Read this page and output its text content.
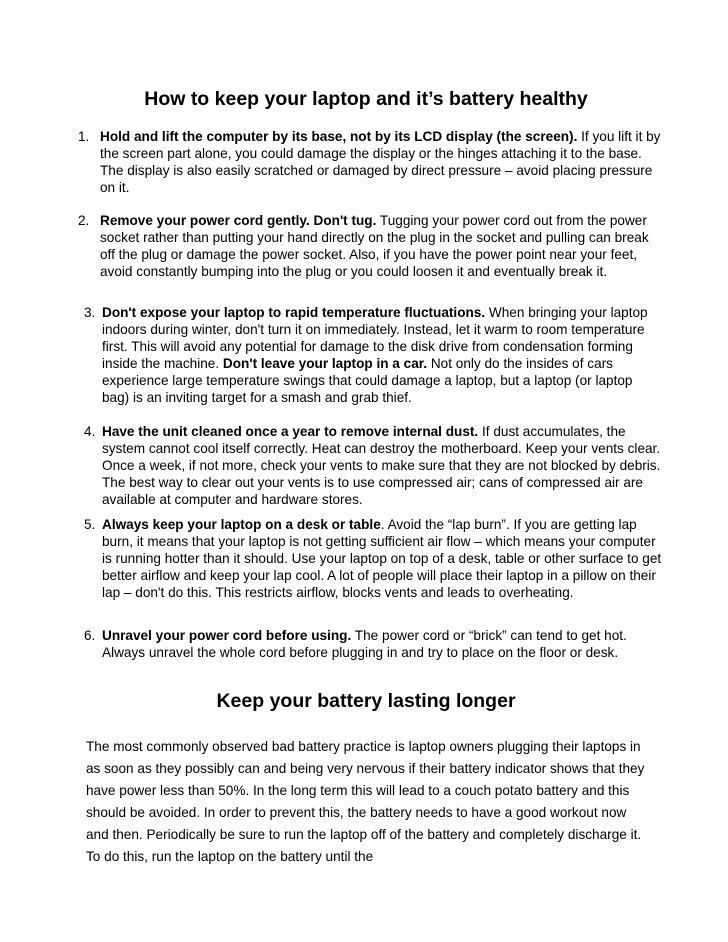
How to keep your laptop and it’s battery healthy
1. Hold and lift the computer by its base, not by its LCD display (the screen). If you lift it by the screen part alone, you could damage the display or the hinges attaching it to the base. The display is also easily scratched or damaged by direct pressure – avoid placing pressure on it.
2. Remove your power cord gently. Don't tug. Tugging your power cord out from the power socket rather than putting your hand directly on the plug in the socket and pulling can break off the plug or damage the power socket. Also, if you have the power point near your feet, avoid constantly bumping into the plug or you could loosen it and eventually break it.
3. Don't expose your laptop to rapid temperature fluctuations. When bringing your laptop indoors during winter, don't turn it on immediately. Instead, let it warm to room temperature first. This will avoid any potential for damage to the disk drive from condensation forming inside the machine. Don't leave your laptop in a car. Not only do the insides of cars experience large temperature swings that could damage a laptop, but a laptop (or laptop bag) is an inviting target for a smash and grab thief.
4. Have the unit cleaned once a year to remove internal dust. If dust accumulates, the system cannot cool itself correctly. Heat can destroy the motherboard. Keep your vents clear. Once a week, if not more, check your vents to make sure that they are not blocked by debris. The best way to clear out your vents is to use compressed air; cans of compressed air are available at computer and hardware stores.
5. Always keep your laptop on a desk or table. Avoid the “lap burn”. If you are getting lap burn, it means that your laptop is not getting sufficient air flow – which means your computer is running hotter than it should. Use your laptop on top of a desk, table or other surface to get better airflow and keep your lap cool. A lot of people will place their laptop in a pillow on their lap – don't do this. This restricts airflow, blocks vents and leads to overheating.
6. Unravel your power cord before using. The power cord or “brick” can tend to get hot. Always unravel the whole cord before plugging in and try to place on the floor or desk.
Keep your battery lasting longer

The most commonly observed bad battery practice is laptop owners plugging their laptops in as soon as they possibly can and being very nervous if their battery indicator shows that they have power less than 50%. In the long term this will lead to a couch potato battery and this should be avoided. In order to prevent this, the battery needs to have a good workout now and then. Periodically be sure to run the laptop off of the battery and completely discharge it. To do this, run the laptop on the battery until the
